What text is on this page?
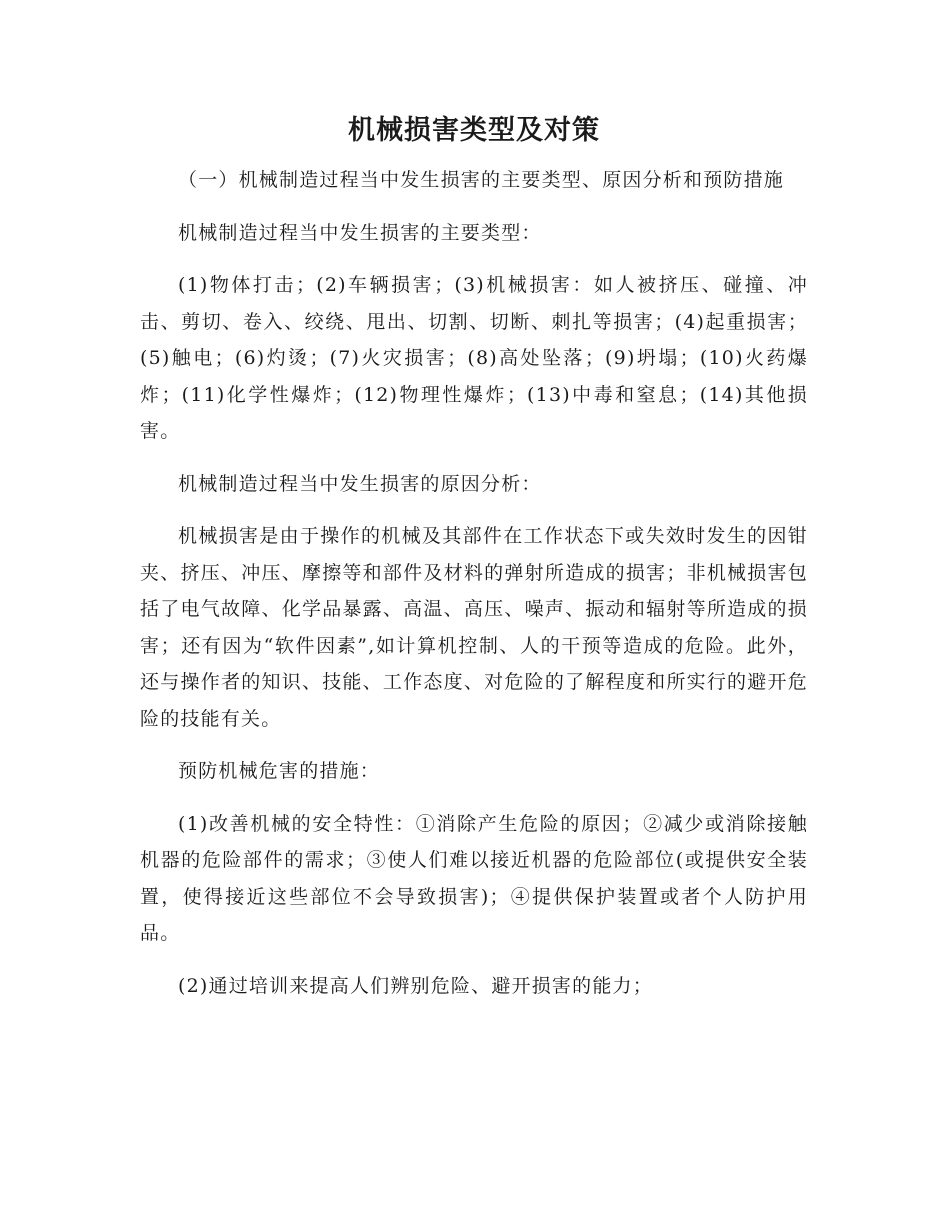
机械损害类型及对策

（一）机械制造过程当中发生损害的主要类型、原因分析和预防措施

机械制造过程当中发生损害的主要类型：

(1)物体打击；(2)车辆损害；(3)机械损害：如人被挤压、碰撞、冲击、剪切、卷入、绞绕、甩出、切割、切断、刺扎等损害；(4)起重损害；(5)触电；(6)灼烫；(7)火灾损害；(8)高处坠落；(9)坍塌；(10)火药爆炸；(11)化学性爆炸；(12)物理性爆炸；(13)中毒和窒息；(14)其他损害。

机械制造过程当中发生损害的原因分析：

机械损害是由于操作的机械及其部件在工作状态下或失效时发生的因钳夹、挤压、冲压、摩擦等和部件及材料的弹射所造成的损害；非机械损害包括了电气故障、化学品暴露、高温、高压、噪声、振动和辐射等所造成的损害；还有因为“软件因素”,如计算机控制、人的干预等造成的危险。此外，还与操作者的知识、技能、工作态度、对危险的了解程度和所实行的避开危险的技能有关。

预防机械危害的措施：

(1)改善机械的安全特性：①消除产生危险的原因；②减少或消除接触机器的危险部件的需求；③使人们难以接近机器的危险部位(或提供安全装置，使得接近这些部位不会导致损害)；④提供保护装置或者个人防护用品。

(2)通过培训来提高人们辨别危险、避开损害的能力；
